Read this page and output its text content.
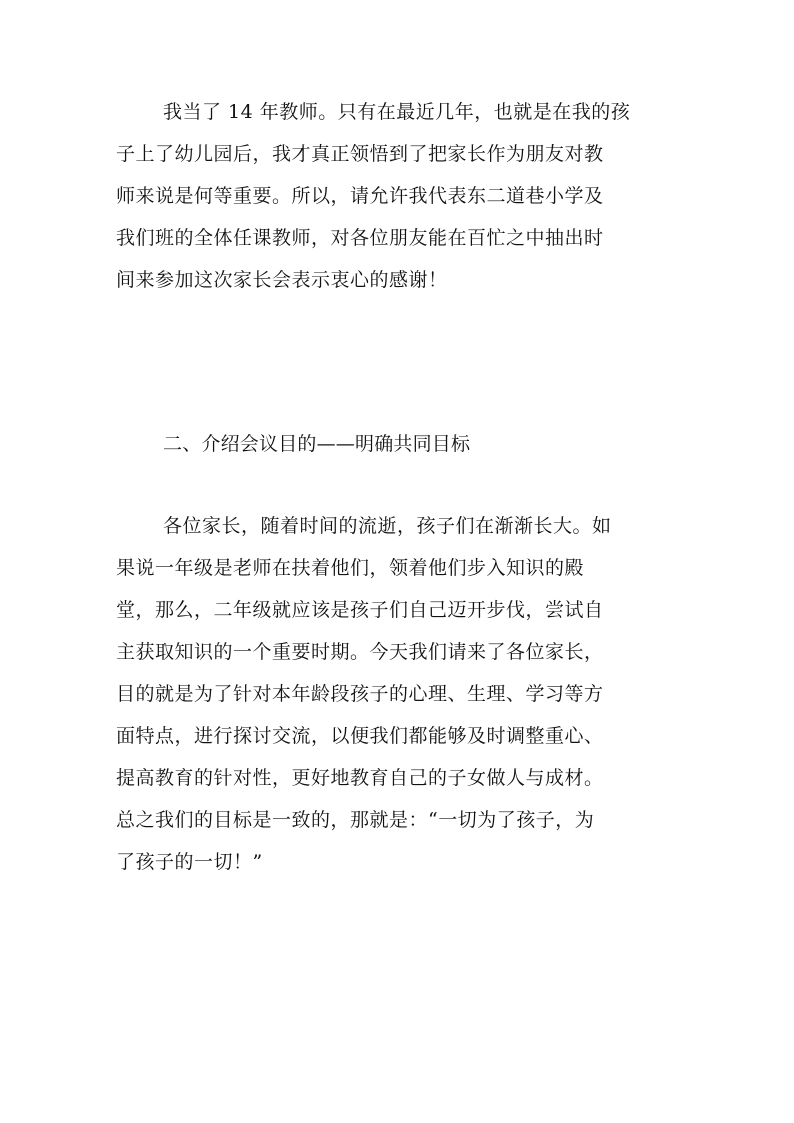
我当了 14 年教师。只有在最近几年，也就是在我的孩
子上了幼儿园后，我才真正领悟到了把家长作为朋友对教
师来说是何等重要。所以，请允许我代表东二道巷小学及
我们班的全体任课教师，对各位朋友能在百忙之中抽出时
间来参加这次家长会表示衷心的感谢！
二、介绍会议目的——明确共同目标
各位家长，随着时间的流逝，孩子们在渐渐长大。如
果说一年级是老师在扶着他们，领着他们步入知识的殿
堂，那么，二年级就应该是孩子们自己迈开步伐，尝试自
主获取知识的一个重要时期。今天我们请来了各位家长，
目的就是为了针对本年龄段孩子的心理、生理、学习等方
面特点，进行探讨交流，以便我们都能够及时调整重心、
提高教育的针对性，更好地教育自己的子女做人与成材。
总之我们的目标是一致的，那就是：“一切为了孩子，为
了孩子的一切！”
